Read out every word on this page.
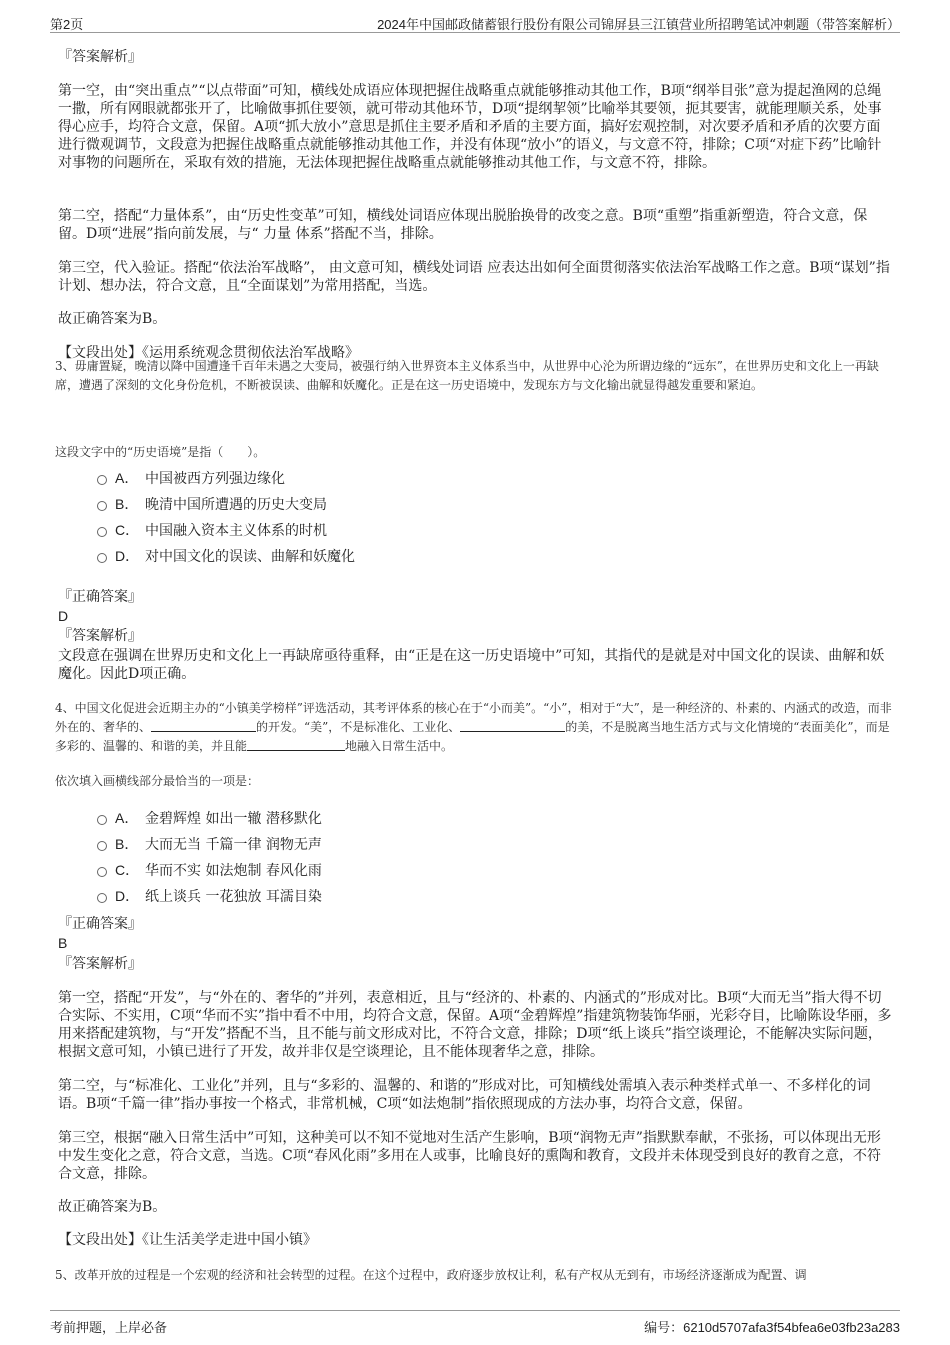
第2页	2024年中国邮政储蓄银行股份有限公司锦屏县三江镇营业所招聘笔试冲刺题（带答案解析）

『答案解析』

第一空，由“突出重点”“以点带面”可知，横线处成语应体现把握住战略重点就能够推动其他工作，B项“纲举目张”意为提起渔网的总绳一撒，所有网眼就都张开了，比喻做事抓住要领，就可带动其他环节，D项“提纲挈领”比喻举其要领，扼其要害，就能理顺关系，处事得心应手，均符合文意，保留。A项“抓大放小”意思是抓住主要矛盾和矛盾的主要方面，搞好宏观控制，对次要矛盾和矛盾的次要方面进行微观调节，文段意为把握住战略重点就能够推动其他工作，并没有体现“放小”的语义，与文意不符，排除；C项“对症下药”比喻针对事物的问题所在，采取有效的措施，无法体现把握住战略重点就能够推动其他工作，与文意不符，排除。

第二空，搭配“力量体系”，由“历史性变革”可知，横线处词语应体现出脱胎换骨的改变之意。B项“重塑”指重新塑造，符合文意，保留。D项“进展”指向前发展，与“ 力量 体系”搭配不当，排除。

第三空，代入验证。搭配“依法治军战略”， 由文意可知，横线处词语 应表达出如何全面贯彻落实依法治军战略工作之意。B项“谋划”指计划、想办法，符合文意，且“全面谋划”为常用搭配，当选。

故正确答案为B。

【文段出处】《运用系统观念贯彻依法治军战略》

3、毋庸置疑，晚清以降中国遭逢千百年未遇之大变局，被强行纳入世界资本主义体系当中，从世界中心沦为所谓边缘的“远东”，在世界历史和文化上一再缺席，遭遇了深刻的文化身份危机，不断被误读、曲解和妖魔化。正是在这一历史语境中，发现东方与文化输出就显得越发重要和紧迫。

这段文字中的“历史语境”是指（　　）。

A． 中国被西方列强边缘化
B． 晚清中国所遭遇的历史大变局
C． 中国融入资本主义体系的时机
D． 对中国文化的误读、曲解和妖魔化

『正确答案』

D

『答案解析』

文段意在强调在世界历史和文化上一再缺席亟待重释，由“正是在这一历史语境中”可知，其指代的是就是对中国文化的误读、曲解和妖魔化。因此D项正确。

4、中国文化促进会近期主办的“小镇美学榜样”评选活动，其考评体系的核心在于“小而美”。“小”，相对于“大”，是一种经济的、朴素的、内涵式的改造，而非外在的、奢华的、	的开发。“美”，不是标准化、工业化、	的美，不是脱离当地生活方式与文化情境的“表面美化”，而是多彩的、温馨的、和谐的美，并且能	地融入日常生活中。

依次填入画横线部分最恰当的一项是：

A． 金碧辉煌 如出一辙 潜移默化
B． 大而无当 千篇一律 润物无声
C． 华而不实 如法炮制 春风化雨
D． 纸上谈兵 一花独放 耳濡目染

『正确答案』

B

『答案解析』

第一空，搭配“开发”，与“外在的、奢华的”并列，表意相近，且与“经济的、朴素的、内涵式的”形成对比。B项“大而无当”指大得不切合实际、不实用，C项“华而不实”指中看不中用，均符合文意，保留。A项“金碧辉煌”指建筑物装饰华丽，光彩夺目，比喻陈设华丽，多用来搭配建筑物，与“开发”搭配不当，且不能与前文形成对比，不符合文意，排除；D项“纸上谈兵”指空谈理论，不能解决实际问题，根据文意可知，小镇已进行了开发，故并非仅是空谈理论，且不能体现奢华之意，排除。

第二空，与“标准化、工业化”并列，且与“多彩的、温馨的、和谐的”形成对比，可知横线处需填入表示种类样式单一、不多样化的词语。B项“千篇一律”指办事按一个格式，非常机械，C项“如法炮制”指依照现成的方法办事，均符合文意，保留。

第三空，根据“融入日常生活中”可知，这种美可以不知不觉地对生活产生影响，B项“润物无声”指默默奉献，不张扬，可以体现出无形中发生变化之意，符合文意，当选。C项“春风化雨”多用在人或事，比喻良好的熏陶和教育，文段并未体现受到良好的教育之意，不符合文意，排除。

故正确答案为B。

【文段出处】《让生活美学走进中国小镇》

5、改革开放的过程是一个宏观的经济和社会转型的过程。在这个过程中，政府逐步放权让利，私有产权从无到有，市场经济逐渐成为配置、调

考前押题，上岸必备	编号：6210d5707afa3f54bfea6e03fb23a283
